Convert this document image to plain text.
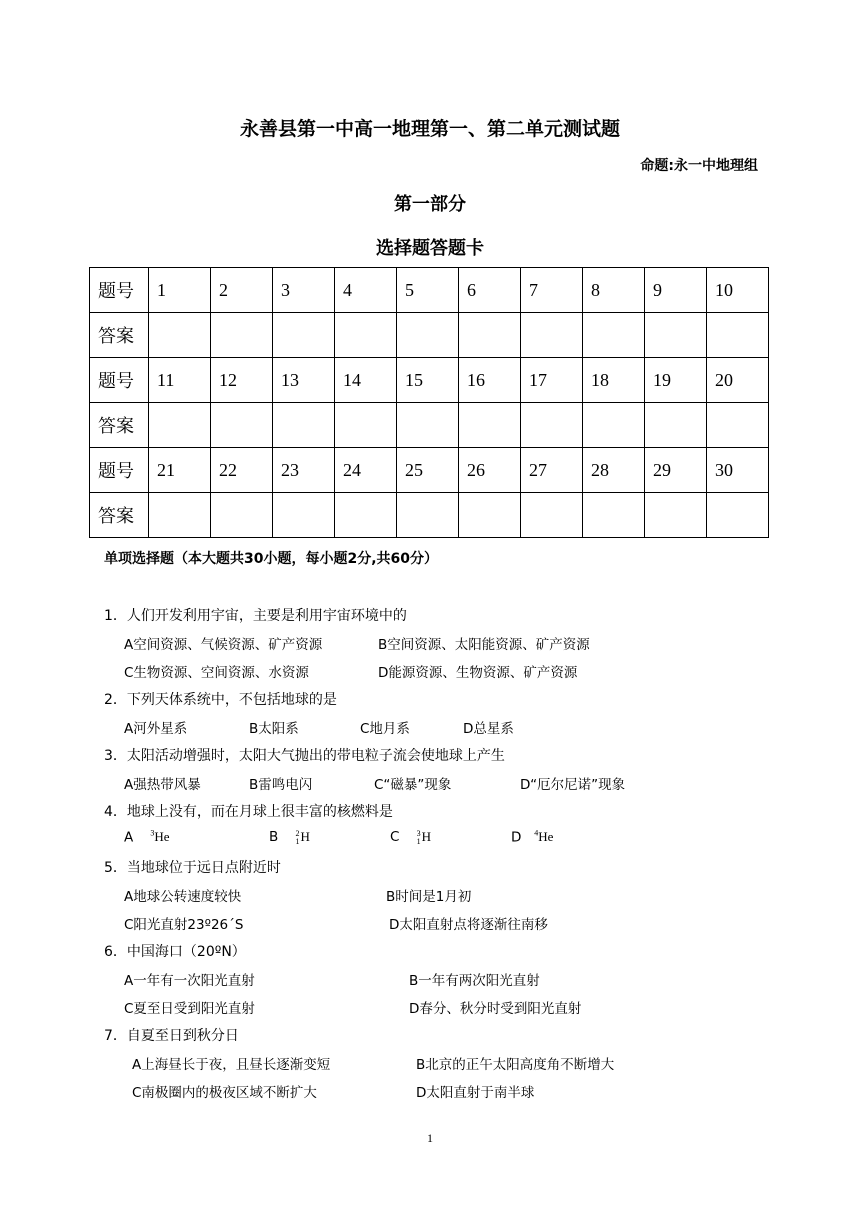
永善县第一中高一地理第一、第二单元测试题
命题:永一中地理组
第一部分
选择题答题卡
题号	1	2	3	4	5	6	7	8	9	10
答案										
题号	11	12	13	14	15	16	17	18	19	20
答案										
题号	21	22	23	24	25	26	27	28	29	30
答案										
单项选择题（本大题共30小题，每小题2分,共60分）
1．人们开发利用宇宙，主要是利用宇宙环境中的
A空间资源、气候资源、矿产资源	B空间资源、太阳能资源、矿产资源
C生物资源、空间资源、水资源	D能源资源、生物资源、矿产资源
2．下列天体系统中，不包括地球的是
A河外星系	B太阳系	C地月系	D总星系
3．太阳活动增强时，太阳大气抛出的带电粒子流会使地球上产生
A强热带风暴	B雷鸣电闪	C“磁暴”现象	D“厄尔尼诺”现象
4．地球上没有，而在月球上很丰富的核燃料是
A $^3$He	B 2
1H	C 3
1H	D $^4$He
5．当地球位于远日点附近时
A地球公转速度较快	B时间是1月初
C阳光直射23º26´S	D太阳直射点将逐渐往南移
6．中国海口（20ºN）
A一年有一次阳光直射	B一年有两次阳光直射
C夏至日受到阳光直射	D春分、秋分时受到阳光直射
7．自夏至日到秋分日
A上海昼长于夜，且昼长逐渐变短	B北京的正午太阳高度角不断增大
C南极圈内的极夜区域不断扩大	D太阳直射于南半球
1
